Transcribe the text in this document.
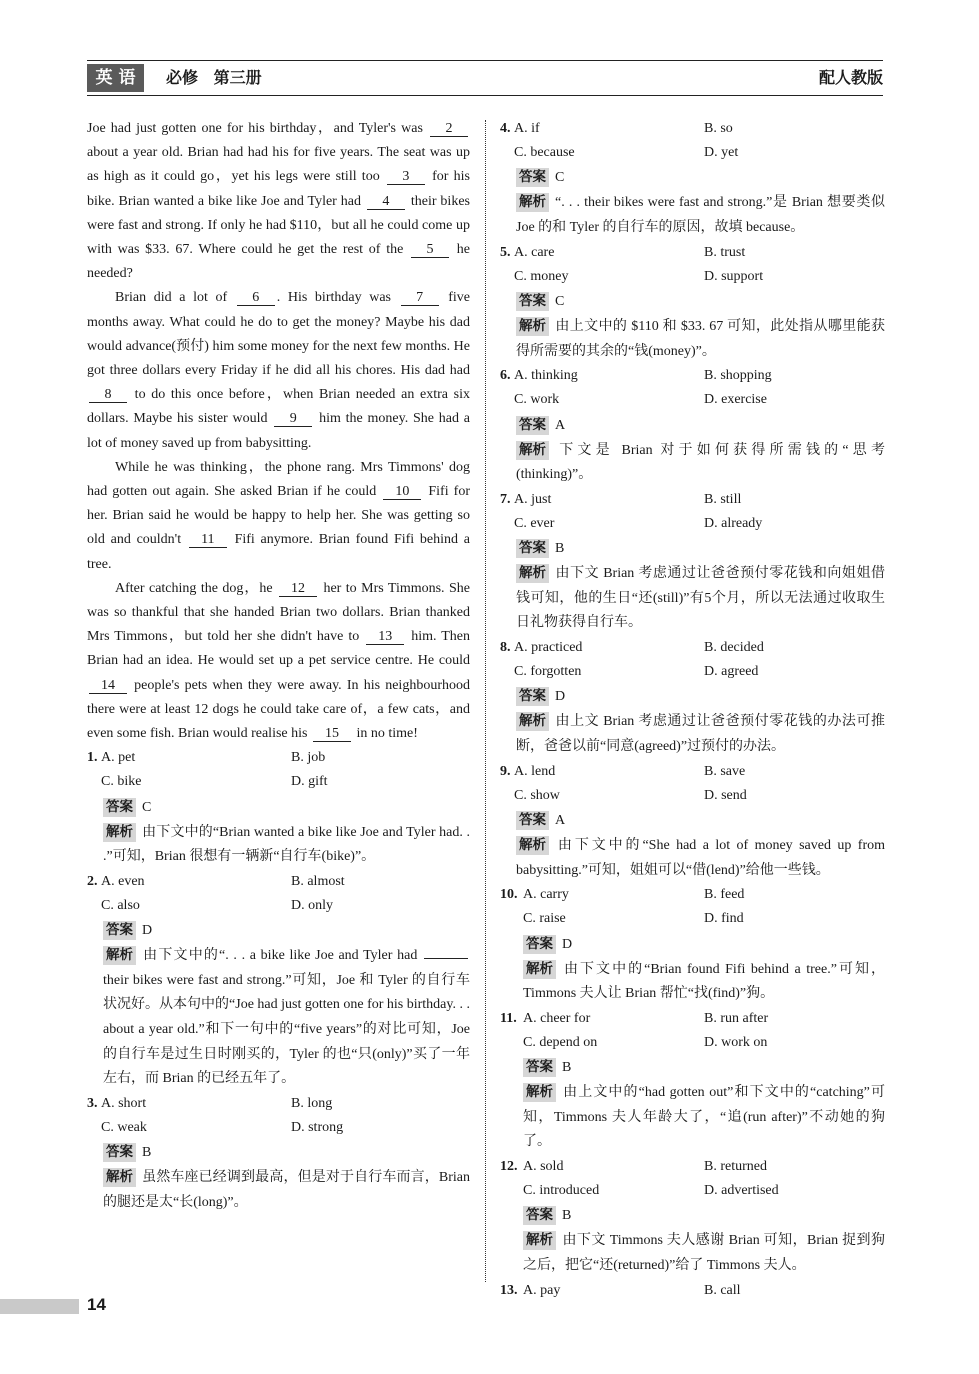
英 语	必修 第三册	配人教版

Joe had just gotten one for his birthday，and Tyler's was 2 about a year old. Brian had had his for five years. The seat was up as high as it could go，yet his legs were still too 3 for his bike. Brian wanted a bike like Joe and Tyler had 4 their bikes were fast and strong. If only he had $110，but all he could come up with was $33. 67. Where could he get the rest of the 5 he needed?

Brian did a lot of 6 . His birthday was 7 five months away. What could he do to get the money? Maybe his dad would advance(预付) him some money for the next few months. He got three dollars every Friday if he did all his chores. His dad had 8 to do this once before，when Brian needed an extra six dollars. Maybe his sister would 9 him the money. She had a lot of money saved up from babysitting.

While he was thinking，the phone rang. Mrs Timmons' dog had gotten out again. She asked Brian if he could 10 Fifi for her. Brian said he would be happy to help her. She was getting so old and couldn't 11 Fifi anymore. Brian found Fifi behind a tree.

After catching the dog，he 12 her to Mrs Timmons. She was so thankful that she handed Brian two dollars. Brian thanked Mrs Timmons，but told her she didn't have to 13 him. Then Brian had an idea. He would set up a pet service centre. He could 14 people's pets when they were away. In his neighbourhood there were at least 12 dogs he could take care of，a few cats，and even some fish. Brian would realise his 15 in no time!

1. A. pet	B. job
C. bike	D. gift
答案 C
解析 由下文中的“Brian wanted a bike like Joe and Tyler had. . .”可知，Brian 很想有一辆新“自行车(bike)”。
2. A. even	B. almost
C. also	D. only
答案 D
解析 由下文中的“. . . a bike like Joe and Tyler had  their bikes were fast and strong.”可知，Joe 和 Tyler 的自行车状况好。从本句中的“Joe had just gotten one for his birthday. . . about a year old.”和下一句中的“five years”的对比可知，Joe 的自行车是过生日时刚买的，Tyler 的也“只(only)”买了一年左右，而 Brian 的已经五年了。
3. A. short	B. long
C. weak	D. strong
答案 B
解析 虽然车座已经调到最高，但是对于自行车而言，Brian 的腿还是太“长(long)”。
4. A. if	B. so
C. because	D. yet
答案 C
解析 “. . . their bikes were fast and strong.”是 Brian 想要类似 Joe 的和 Tyler 的自行车的原因，故填 because。
5. A. care	B. trust
C. money	D. support
答案 C
解析 由上文中的 $110 和 $33. 67 可知，此处指从哪里能获得所需要的其余的“钱(money)”。
6. A. thinking	B. shopping
C. work	D. exercise
答案 A
解析 下文是 Brian 对于如何获得所需钱的“思考(thinking)”。
7. A. just	B. still
C. ever	D. already
答案 B
解析 由下文 Brian 考虑通过让爸爸预付零花钱和向姐姐借钱可知，他的生日“还(still)”有5个月，所以无法通过收取生日礼物获得自行车。
8. A. practiced	B. decided
C. forgotten	D. agreed
答案 D
解析 由上文 Brian 考虑通过让爸爸预付零花钱的办法可推断，爸爸以前“同意(agreed)”过预付的办法。
9. A. lend	B. save
C. show	D. send
答案 A
解析 由下文中的“She had a lot of money saved up from babysitting.”可知，姐姐可以“借(lend)”给他一些钱。
10. A. carry	B. feed
C. raise	D. find
答案 D
解析 由下文中的“Brian found Fifi behind a tree.”可知，Timmons 夫人让 Brian 帮忙“找(find)”狗。
11. A. cheer for	B. run after
C. depend on	D. work on
答案 B
解析 由上文中的“had gotten out”和下文中的“catching”可知，Timmons 夫人年龄大了，“追(run after)”不动她的狗了。
12. A. sold	B. returned
C. introduced	D. advertised
答案 B
解析 由下文 Timmons 夫人感谢 Brian 可知，Brian 捉到狗之后，把它“还(returned)”给了 Timmons 夫人。
13. A. pay	B. call
14
